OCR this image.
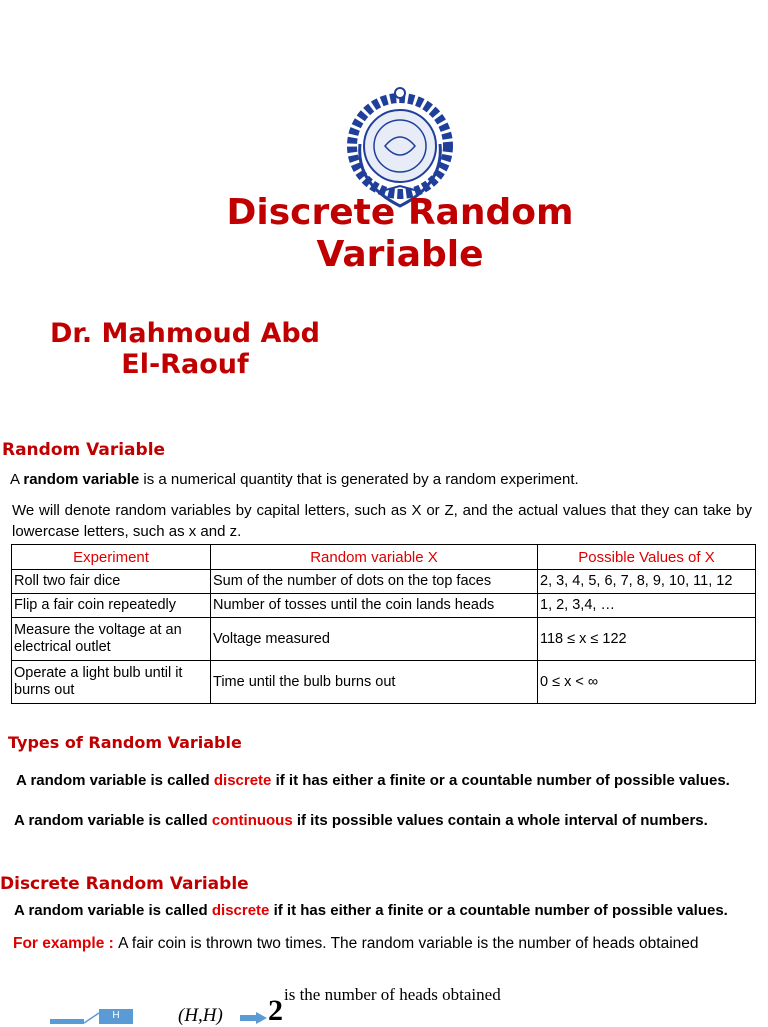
Discrete Random
Variable
Dr. Mahmoud Abd
El-Raouf
Random Variable
A random variable is a numerical quantity that is generated by a random experiment.
We will denote random variables by capital letters, such as X or Z, and the actual values that they can take by lowercase letters, such as x and z.
Experiment	Random variable X	Possible Values of X
Roll two fair dice	Sum of the number of dots on the top faces	2, 3, 4, 5, 6, 7, 8, 9, 10, 11, 12
Flip a fair coin repeatedly	Number of tosses until the coin lands heads	1, 2, 3,4, …
Measure the voltage at an electrical outlet	Voltage measured	118 ≤ x ≤ 122
Operate a light bulb until it burns out	Time until the bulb burns out	0 ≤ x < ∞
Types of Random Variable
A random variable is called discrete if it has either a finite or a countable number of possible values.
A random variable is called continuous if its possible values contain a whole interval of numbers.
Discrete Random Variable
A random variable is called discrete if it has either a finite or a countable number of possible values.
For example : A fair coin is thrown two times. The random variable is the number of heads obtained
is the number of heads obtained
H	(H,H) 2
